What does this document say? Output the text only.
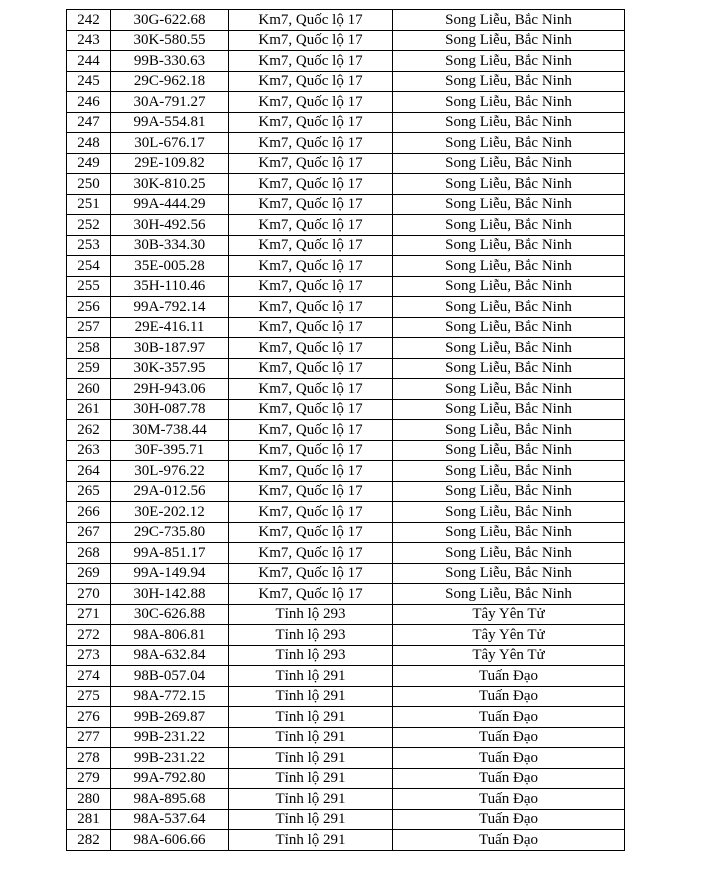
242	30G-622.68	Km7, Quốc lộ 17	Song Liễu, Bắc Ninh
243	30K-580.55	Km7, Quốc lộ 17	Song Liễu, Bắc Ninh
244	99B-330.63	Km7, Quốc lộ 17	Song Liễu, Bắc Ninh
245	29C-962.18	Km7, Quốc lộ 17	Song Liễu, Bắc Ninh
246	30A-791.27	Km7, Quốc lộ 17	Song Liễu, Bắc Ninh
247	99A-554.81	Km7, Quốc lộ 17	Song Liễu, Bắc Ninh
248	30L-676.17	Km7, Quốc lộ 17	Song Liễu, Bắc Ninh
249	29E-109.82	Km7, Quốc lộ 17	Song Liễu, Bắc Ninh
250	30K-810.25	Km7, Quốc lộ 17	Song Liễu, Bắc Ninh
251	99A-444.29	Km7, Quốc lộ 17	Song Liễu, Bắc Ninh
252	30H-492.56	Km7, Quốc lộ 17	Song Liễu, Bắc Ninh
253	30B-334.30	Km7, Quốc lộ 17	Song Liễu, Bắc Ninh
254	35E-005.28	Km7, Quốc lộ 17	Song Liễu, Bắc Ninh
255	35H-110.46	Km7, Quốc lộ 17	Song Liễu, Bắc Ninh
256	99A-792.14	Km7, Quốc lộ 17	Song Liễu, Bắc Ninh
257	29E-416.11	Km7, Quốc lộ 17	Song Liễu, Bắc Ninh
258	30B-187.97	Km7, Quốc lộ 17	Song Liễu, Bắc Ninh
259	30K-357.95	Km7, Quốc lộ 17	Song Liễu, Bắc Ninh
260	29H-943.06	Km7, Quốc lộ 17	Song Liễu, Bắc Ninh
261	30H-087.78	Km7, Quốc lộ 17	Song Liễu, Bắc Ninh
262	30M-738.44	Km7, Quốc lộ 17	Song Liễu, Bắc Ninh
263	30F-395.71	Km7, Quốc lộ 17	Song Liễu, Bắc Ninh
264	30L-976.22	Km7, Quốc lộ 17	Song Liễu, Bắc Ninh
265	29A-012.56	Km7, Quốc lộ 17	Song Liễu, Bắc Ninh
266	30E-202.12	Km7, Quốc lộ 17	Song Liễu, Bắc Ninh
267	29C-735.80	Km7, Quốc lộ 17	Song Liễu, Bắc Ninh
268	99A-851.17	Km7, Quốc lộ 17	Song Liễu, Bắc Ninh
269	99A-149.94	Km7, Quốc lộ 17	Song Liễu, Bắc Ninh
270	30H-142.88	Km7, Quốc lộ 17	Song Liễu, Bắc Ninh
271	30C-626.88	Tỉnh lộ 293	Tây Yên Tử
272	98A-806.81	Tỉnh lộ 293	Tây Yên Tử
273	98A-632.84	Tỉnh lộ 293	Tây Yên Tử
274	98B-057.04	Tỉnh lộ 291	Tuấn Đạo
275	98A-772.15	Tỉnh lộ 291	Tuấn Đạo
276	99B-269.87	Tỉnh lộ 291	Tuấn Đạo
277	99B-231.22	Tỉnh lộ 291	Tuấn Đạo
278	99B-231.22	Tỉnh lộ 291	Tuấn Đạo
279	99A-792.80	Tỉnh lộ 291	Tuấn Đạo
280	98A-895.68	Tỉnh lộ 291	Tuấn Đạo
281	98A-537.64	Tỉnh lộ 291	Tuấn Đạo
282	98A-606.66	Tỉnh lộ 291	Tuấn Đạo
